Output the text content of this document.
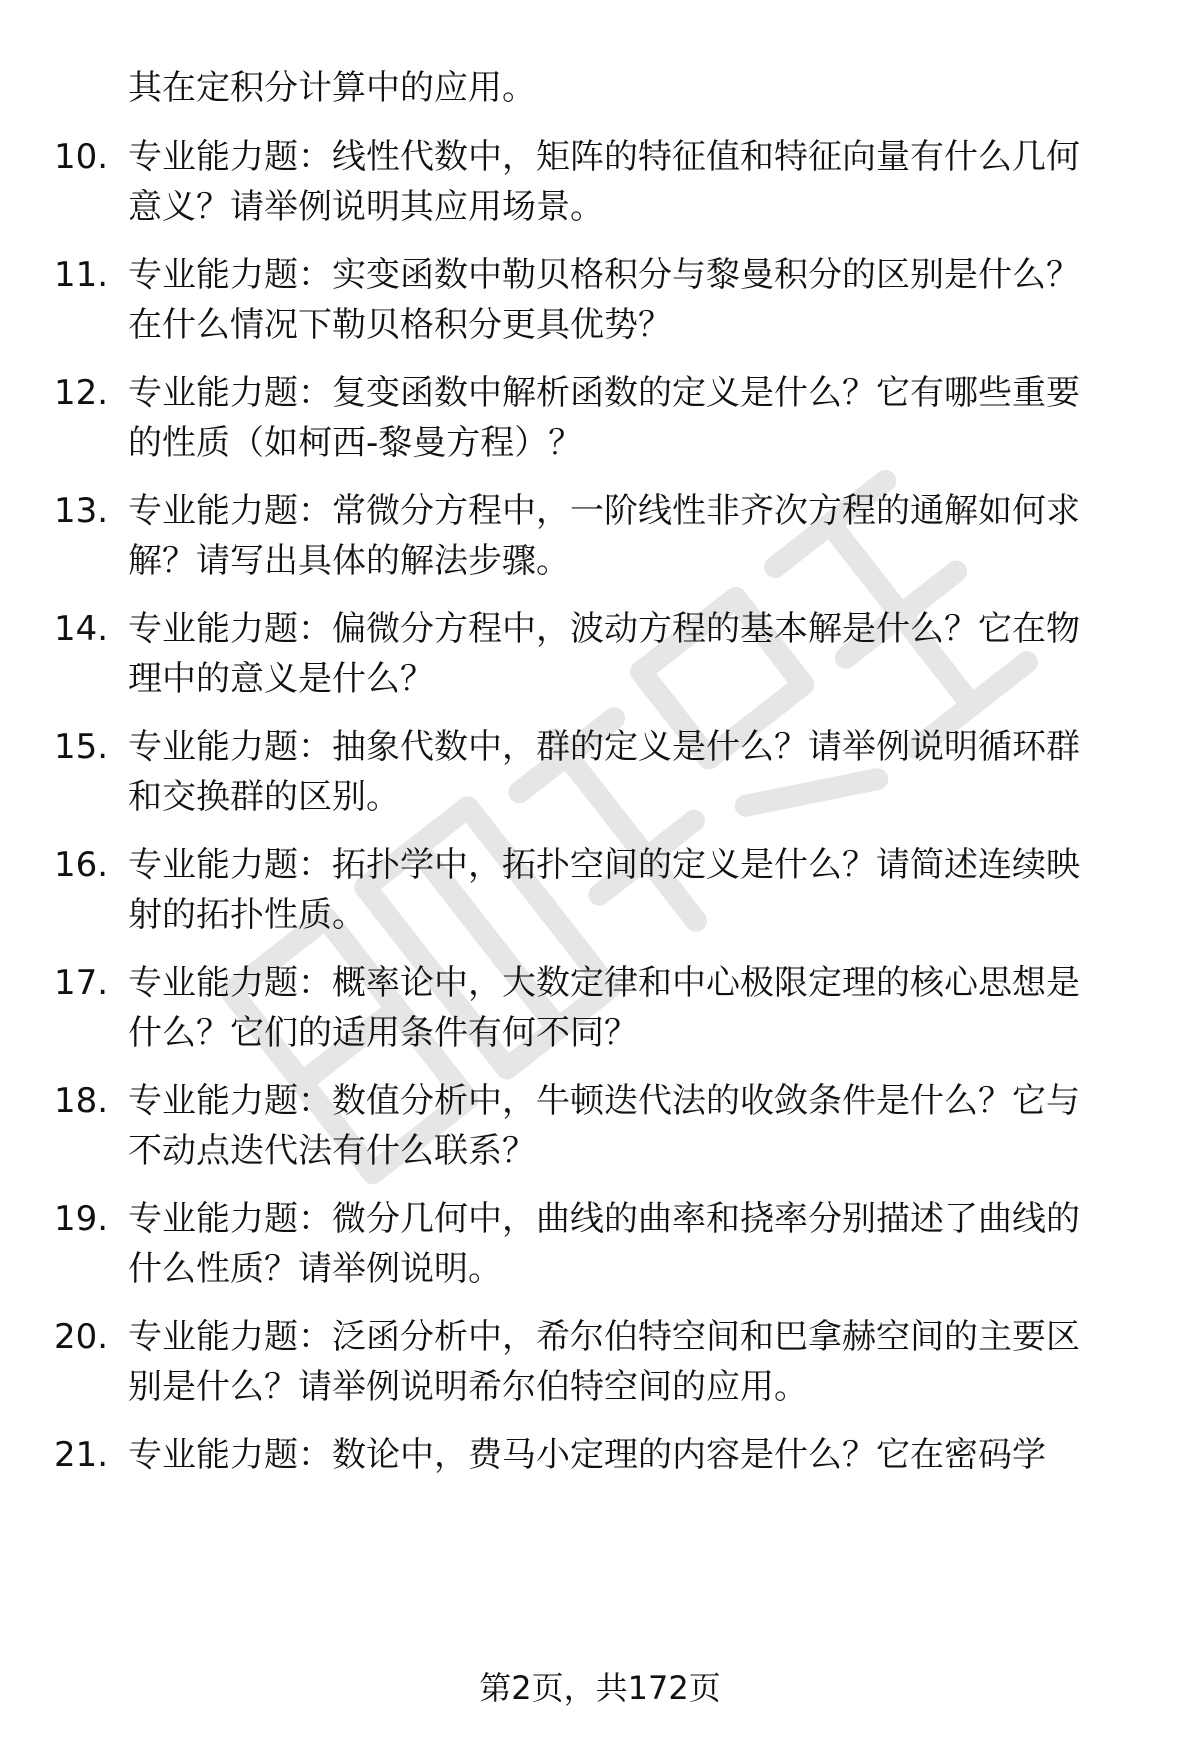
其在定积分计算中的应用。
10. 专业能力题：线性代数中，矩阵的特征值和特征向量有什么几何
意义？请举例说明其应用场景。
11. 专业能力题：实变函数中勒贝格积分与黎曼积分的区别是什么？
在什么情况下勒贝格积分更具优势？
12. 专业能力题：复变函数中解析函数的定义是什么？它有哪些重要
的性质（如柯西-黎曼方程）？
13. 专业能力题：常微分方程中，一阶线性非齐次方程的通解如何求
解？请写出具体的解法步骤。
14. 专业能力题：偏微分方程中，波动方程的基本解是什么？它在物
理中的意义是什么？
15. 专业能力题：抽象代数中，群的定义是什么？请举例说明循环群
和交换群的区别。
16. 专业能力题：拓扑学中，拓扑空间的定义是什么？请简述连续映
射的拓扑性质。
17. 专业能力题：概率论中，大数定律和中心极限定理的核心思想是
什么？它们的适用条件有何不同？
18. 专业能力题：数值分析中，牛顿迭代法的收敛条件是什么？它与
不动点迭代法有什么联系？
19. 专业能力题：微分几何中，曲线的曲率和挠率分别描述了曲线的
什么性质？请举例说明。
20. 专业能力题：泛函分析中，希尔伯特空间和巴拿赫空间的主要区
别是什么？请举例说明希尔伯特空间的应用。
21. 专业能力题：数论中，费马小定理的内容是什么？它在密码学
第2页，共172页
